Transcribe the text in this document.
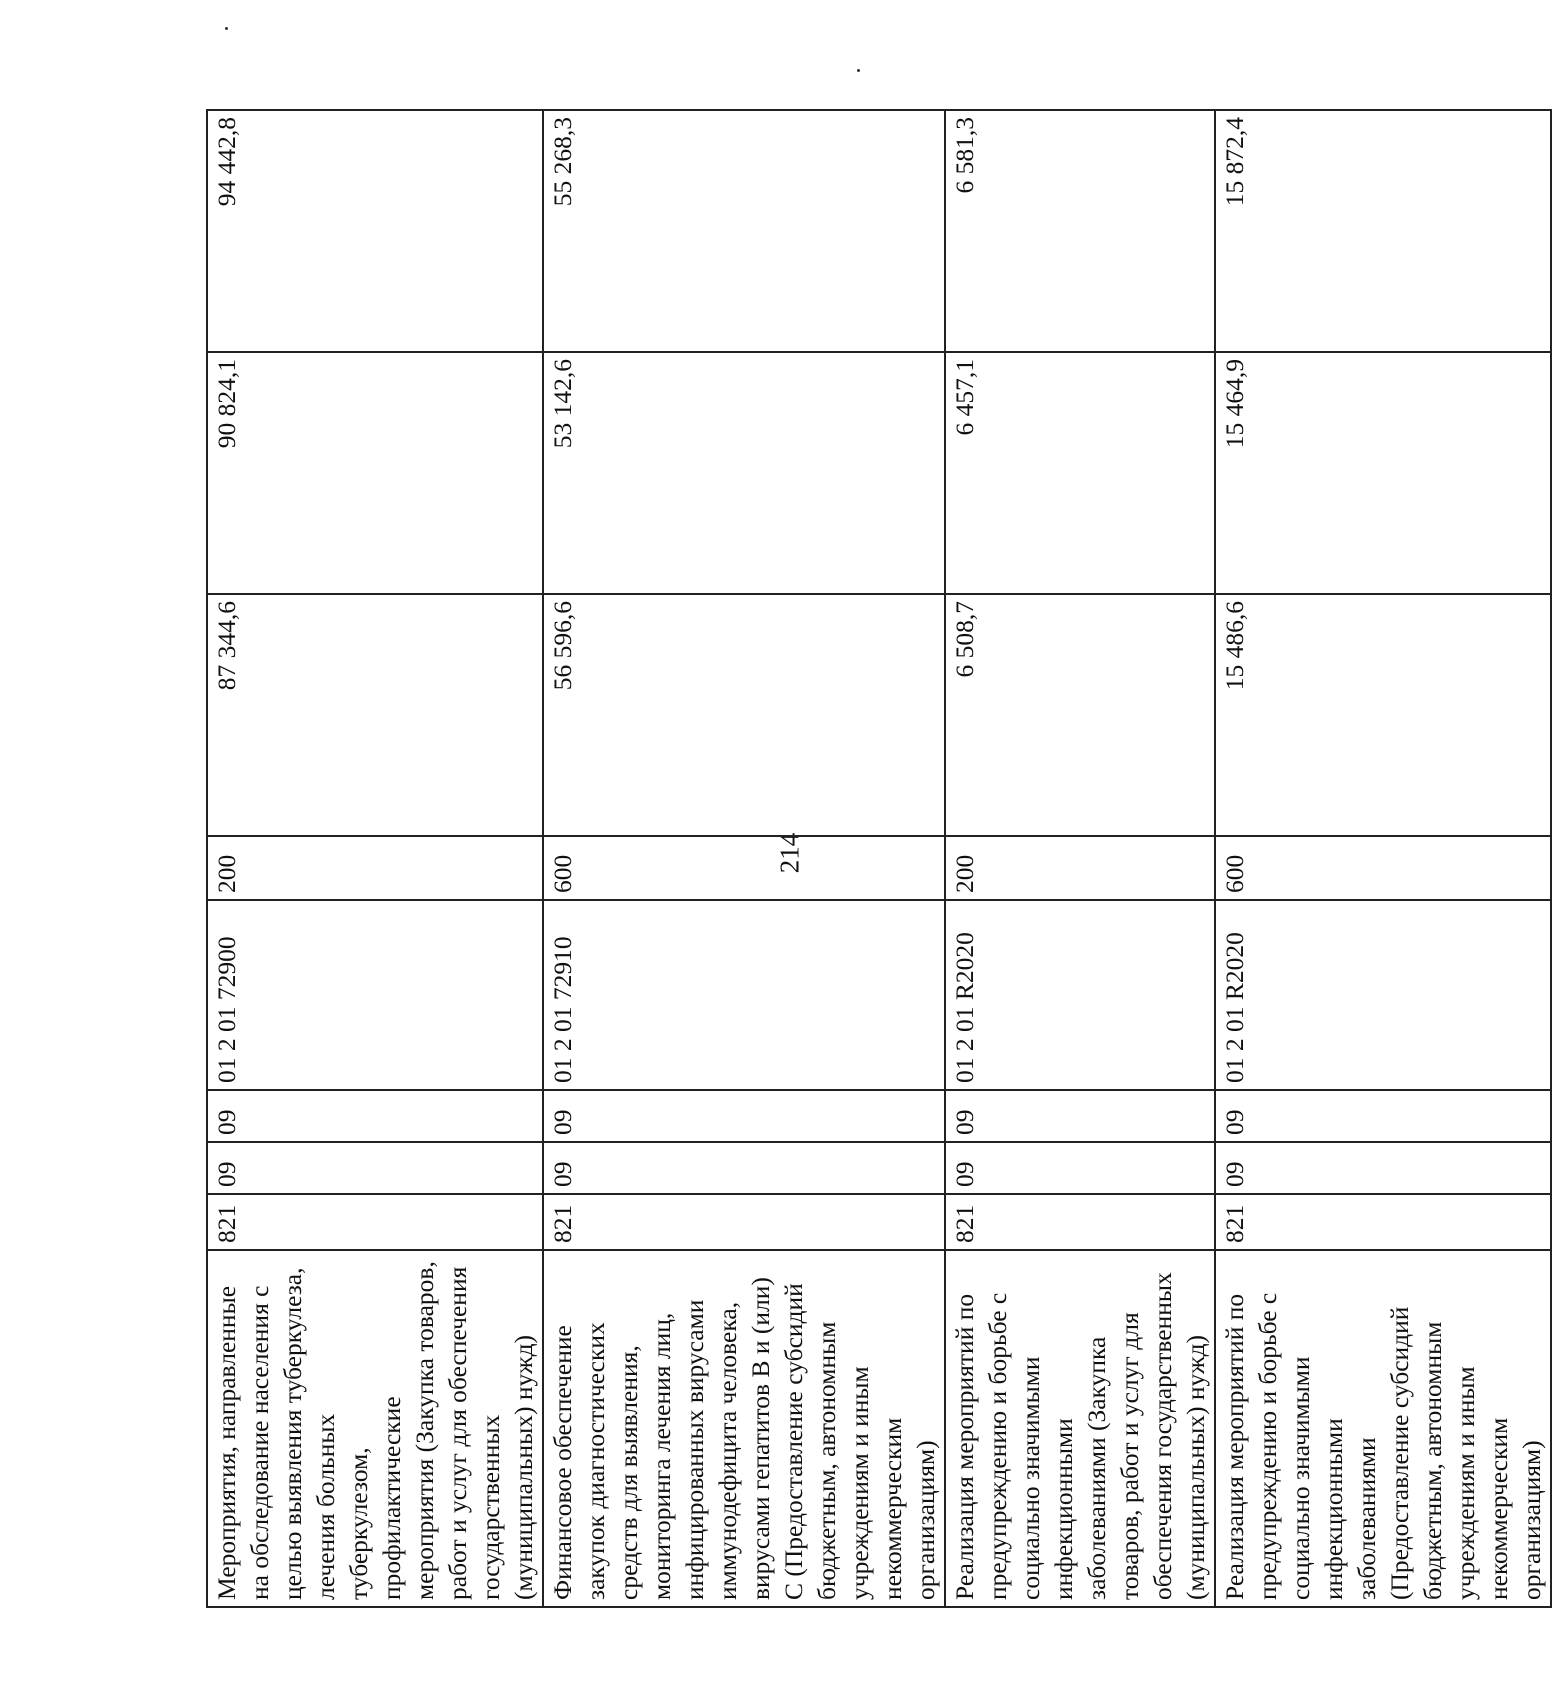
214
Мероприятия, направленные на обследование населения с целью выявления туберкулеза, лечения больных туберкулезом, профилактические мероприятия (Закупка товаров, работ и услуг для обеспечения государственных (муниципальных) нужд)	821	09	09	01 2 01 72900	200	87 344,6	90 824,1	94 442,8
Финансовое обеспечение закупок диагностических средств для выявления, мониторинга лечения лиц, инфицированных вирусами иммунодефицита человека, вирусами гепатитов В и (или) С (Предоставление субсидий бюджетным, автономным учреждениям и иным некоммерческим организациям)	821	09	09	01 2 01 72910	600	56 596,6	53 142,6	55 268,3
Реализация мероприятий по предупреждению и борьбе с социально значимыми инфекционными заболеваниями (Закупка товаров, работ и услуг для обеспечения государственных (муниципальных) нужд)	821	09	09	01 2 01 R2020	200	6 508,7	6 457,1	6 581,3
Реализация мероприятий по предупреждению и борьбе с социально значимыми инфекционными заболеваниями (Предоставление субсидий бюджетным, автономным учреждениям и иным некоммерческим организациям)	821	09	09	01 2 01 R2020	600	15 486,6	15 464,9	15 872,4
